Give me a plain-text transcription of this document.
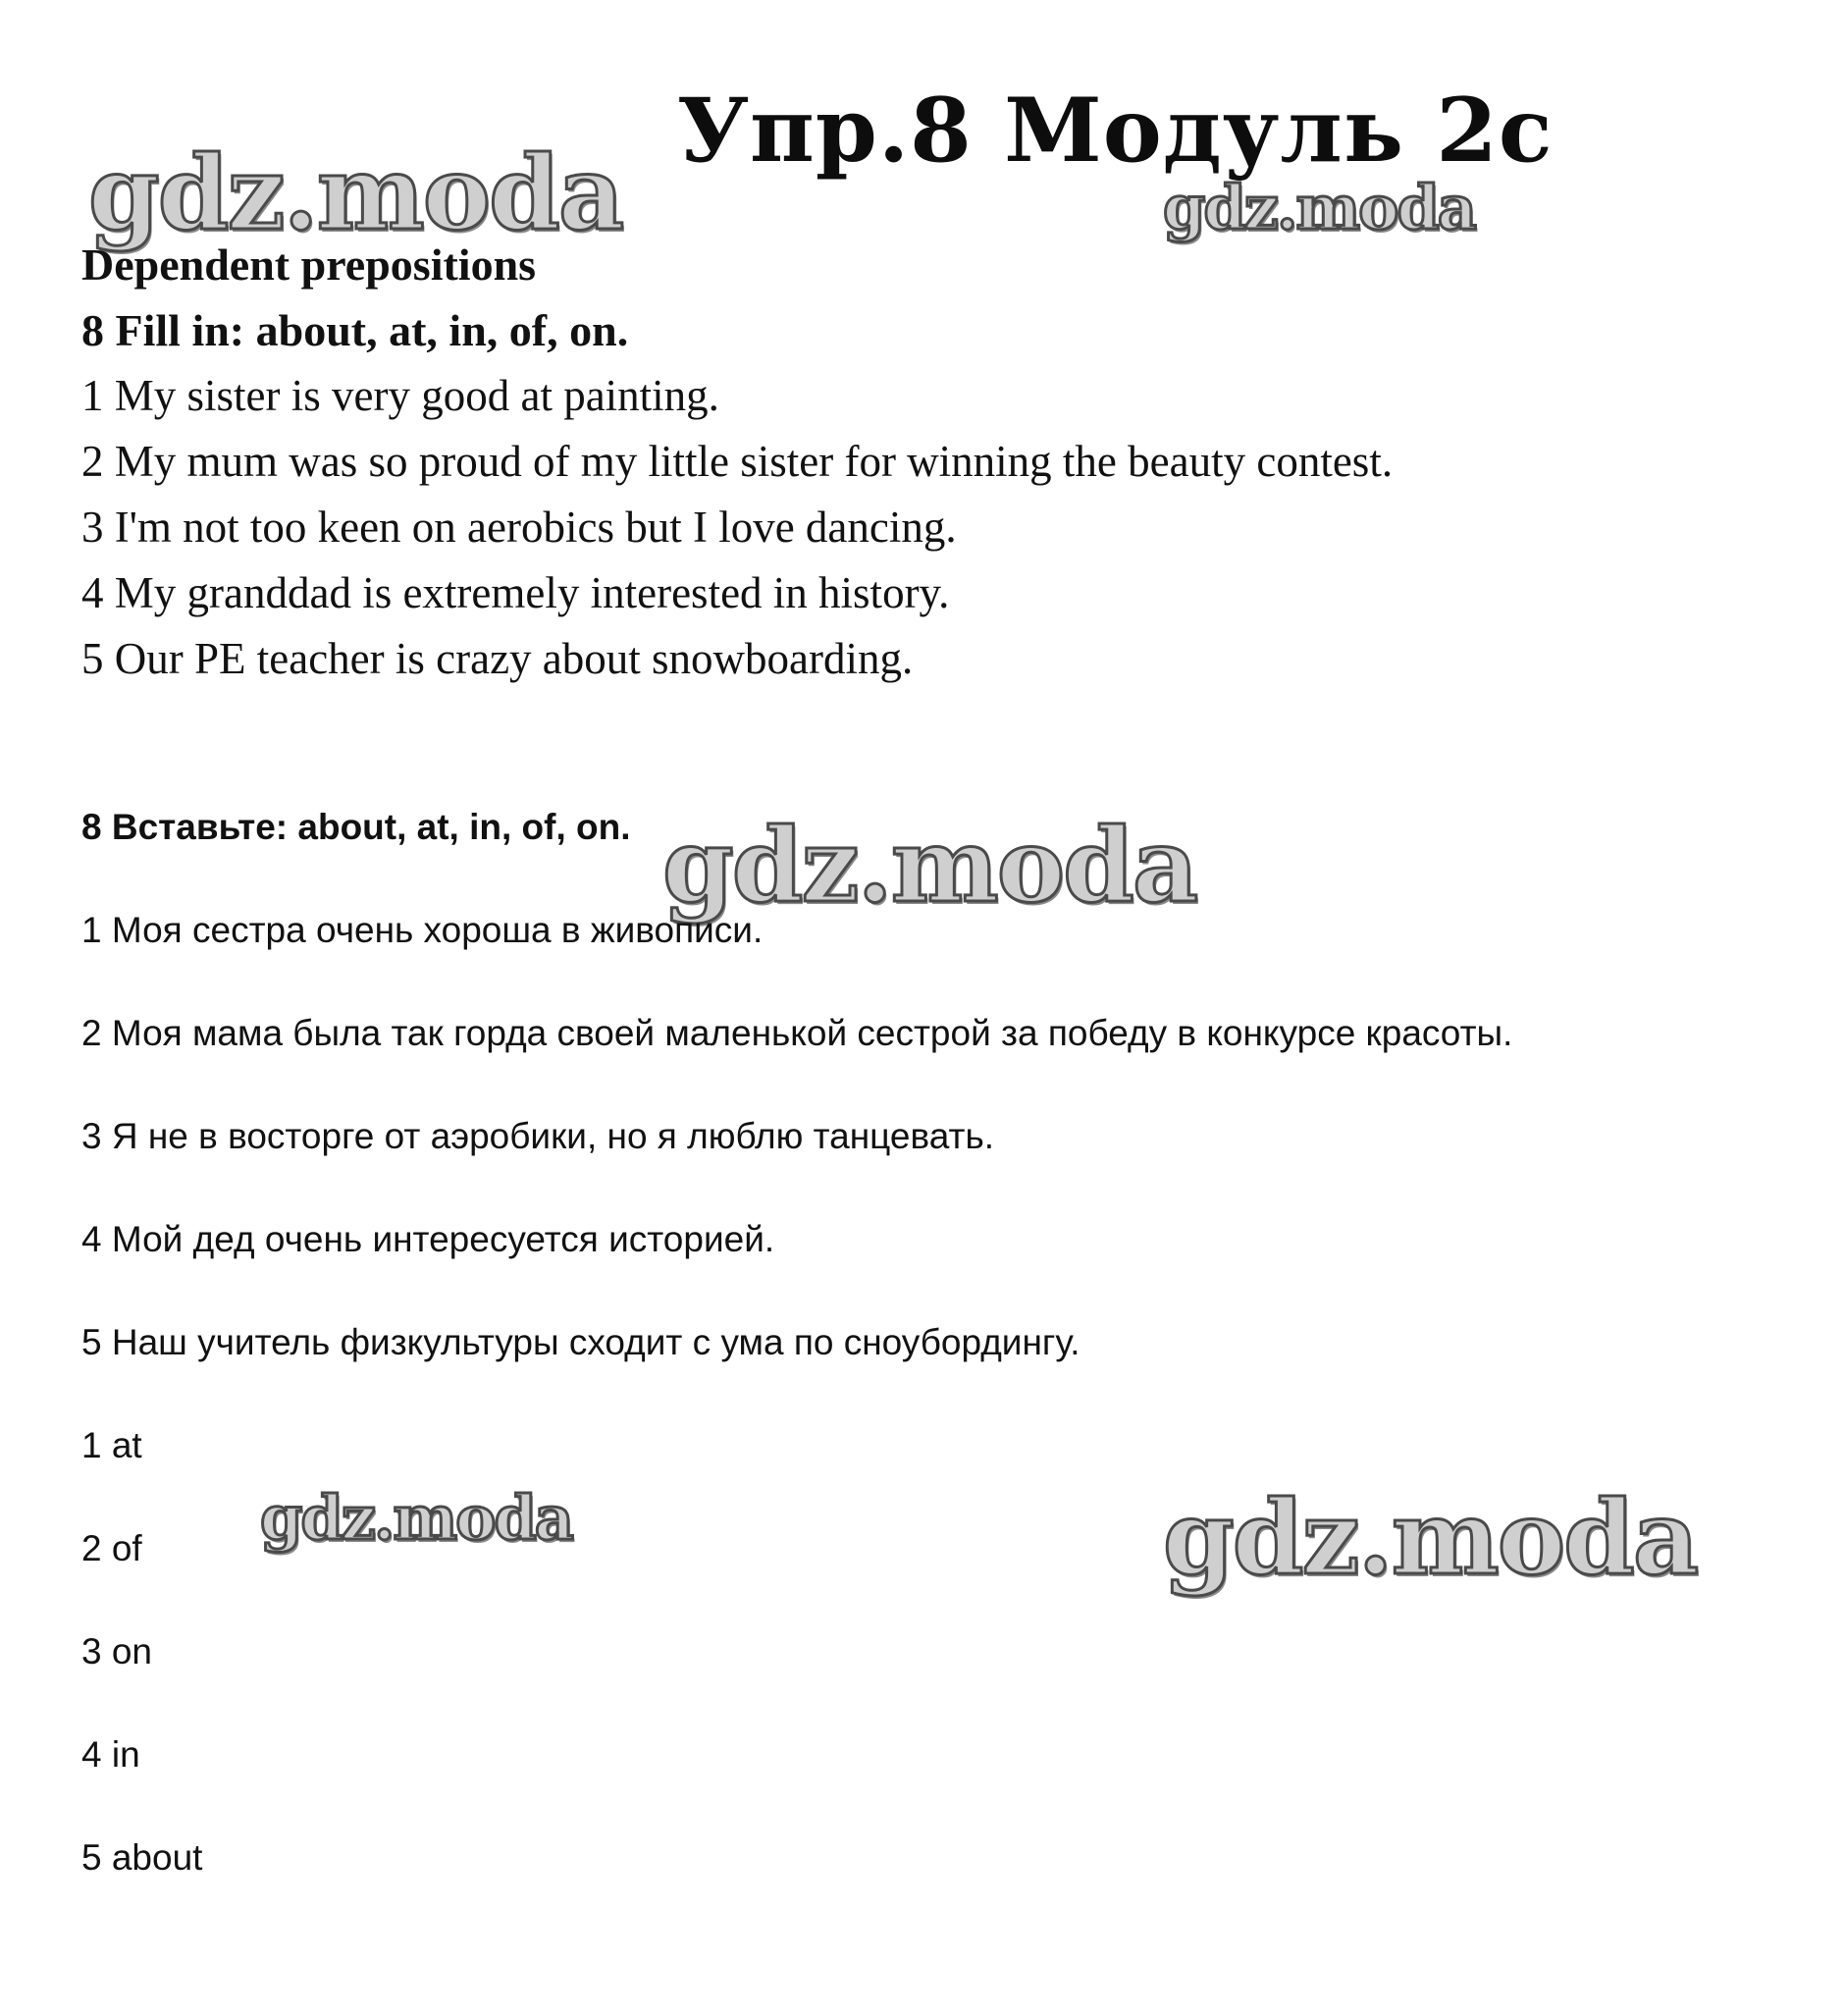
gdz.moda	gdz.moda
gdz.moda
gdz.moda	gdz.moda
Упр.8 Модуль 2с
Dependent prepositions
8 Fill in: about, at, in, of, on.

1 My sister is very good at painting.

2 My mum was so proud of my little sister for winning the beauty contest.

3 I'm not too keen on aerobics but I love dancing.

4 My granddad is extremely interested in history.

5 Our PE teacher is crazy about snowboarding.

8 Вставьте: about, at, in, of, on.

1 Моя сестра очень хороша в живописи.

2 Моя мама была так горда своей маленькой сестрой за победу в конкурсе красоты.

3 Я не в восторге от аэробики, но я люблю танцевать.

4 Мой дед очень интересуется историей.

5 Наш учитель физкультуры сходит с ума по сноубордингу.

1 at

2 of

3 on

4 in

5 about
